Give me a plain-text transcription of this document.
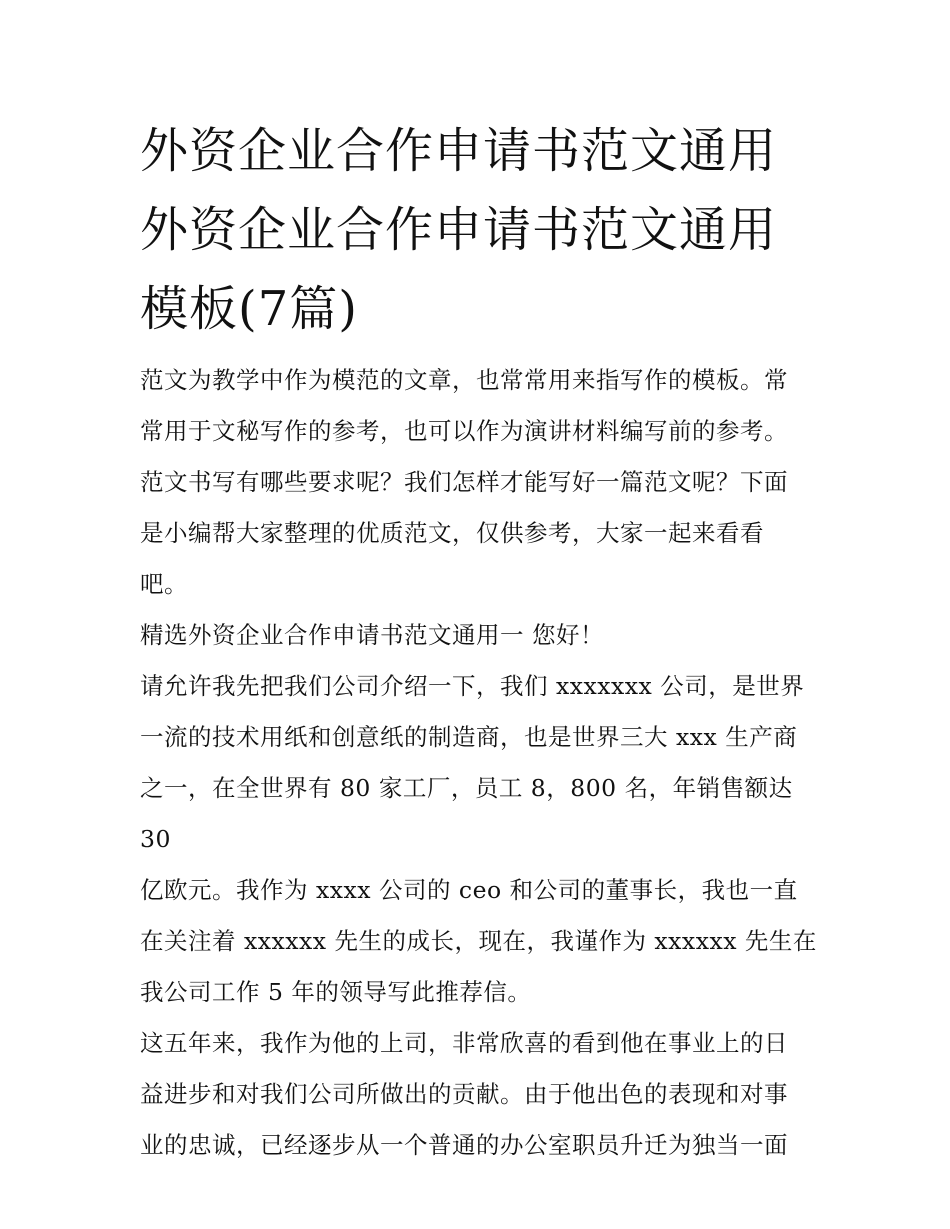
外资企业合作申请书范文通用
外资企业合作申请书范文通用
模板(7篇)

范文为教学中作为模范的文章，也常常用来指写作的模板。常
常用于文秘写作的参考，也可以作为演讲材料编写前的参考。
范文书写有哪些要求呢？我们怎样才能写好一篇范文呢？下面
是小编帮大家整理的优质范文，仅供参考，大家一起来看看
吧。

精选外资企业合作申请书范文通用一 您好！

请允许我先把我们公司介绍一下，我们 xxxxxxx 公司，是世界
一流的技术用纸和创意纸的制造商，也是世界三大 xxx 生产商
之一，在全世界有 80 家工厂，员工 8，800 名，年销售额达 30
亿欧元。我作为 xxxx 公司的 ceo 和公司的董事长，我也一直
在关注着 xxxxxx 先生的成长，现在，我谨作为 xxxxxx 先生在
我公司工作 5 年的领导写此推荐信。

这五年来，我作为他的上司，非常欣喜的看到他在事业上的日
益进步和对我们公司所做出的贡献。由于他出色的表现和对事
业的忠诚，已经逐步从一个普通的办公室职员升迁为独当一面
